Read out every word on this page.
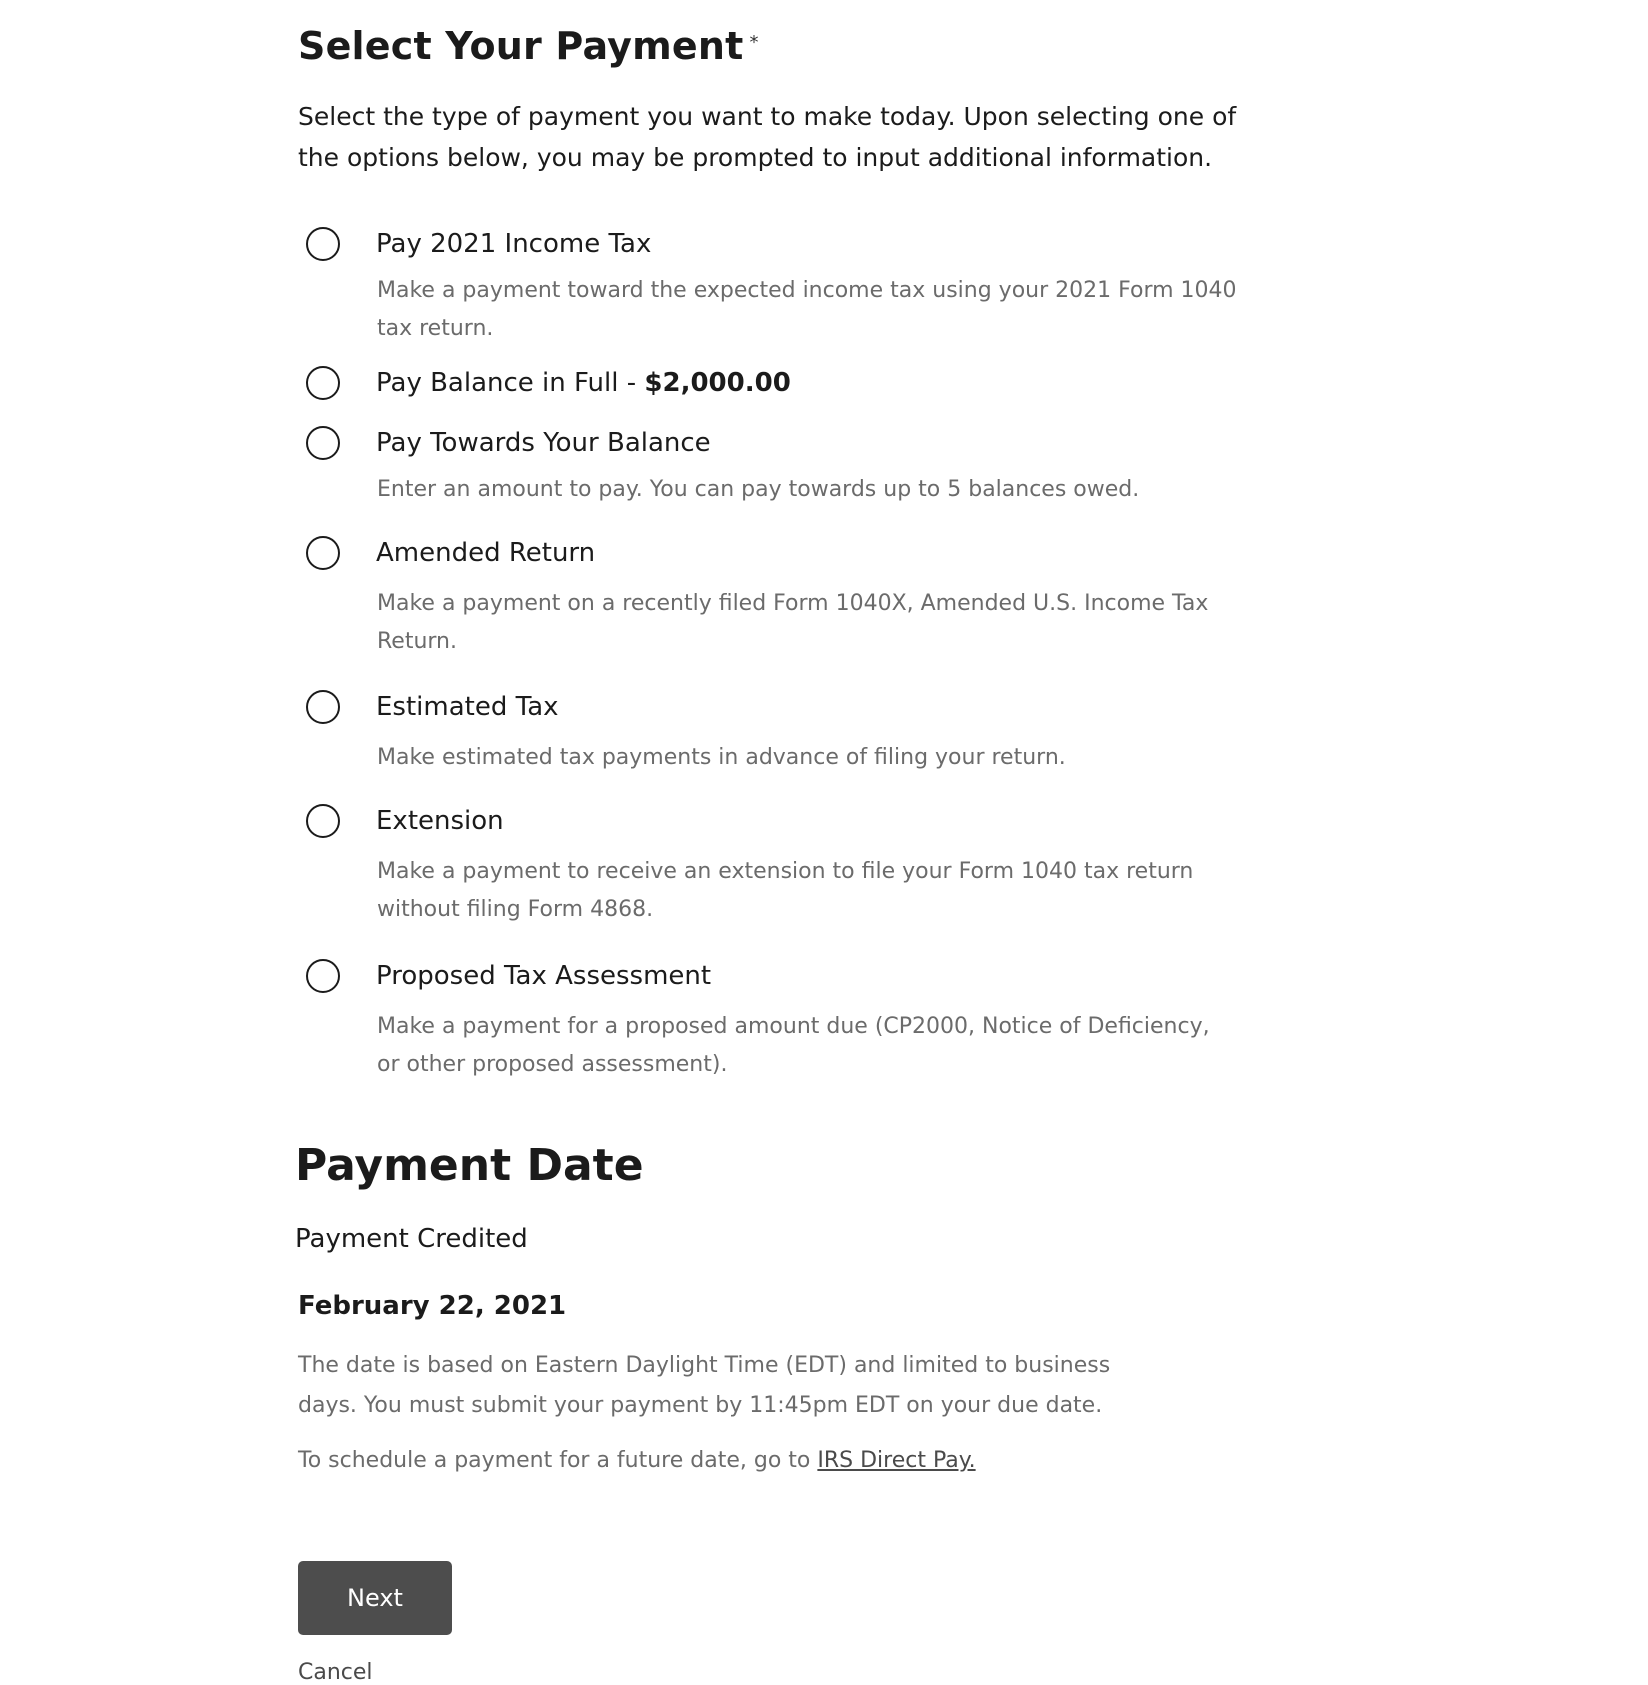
Select Your Payment *

Select the type of payment you want to make today. Upon selecting one of the options below, you may be prompted to input additional information.

Pay 2021 Income Tax

Make a payment toward the expected income tax using your 2021 Form 1040 tax return.

Pay Balance in Full - $2,000.00
Pay Towards Your Balance

Enter an amount to pay. You can pay towards up to 5 balances owed.

Amended Return

Make a payment on a recently filed Form 1040X, Amended U.S. Income Tax Return.

Estimated Tax

Make estimated tax payments in advance of filing your return.

Extension

Make a payment to receive an extension to file your Form 1040 tax return without filing Form 4868.

Proposed Tax Assessment

Make a payment for a proposed amount due (CP2000, Notice of Deficiency, or other proposed assessment).

Payment Date
Payment Credited
February 22, 2021

The date is based on Eastern Daylight Time (EDT) and limited to business days. You must submit your payment by 11:45pm EDT on your due date.

To schedule a payment for a future date, go to IRS Direct Pay.

Next
Cancel
